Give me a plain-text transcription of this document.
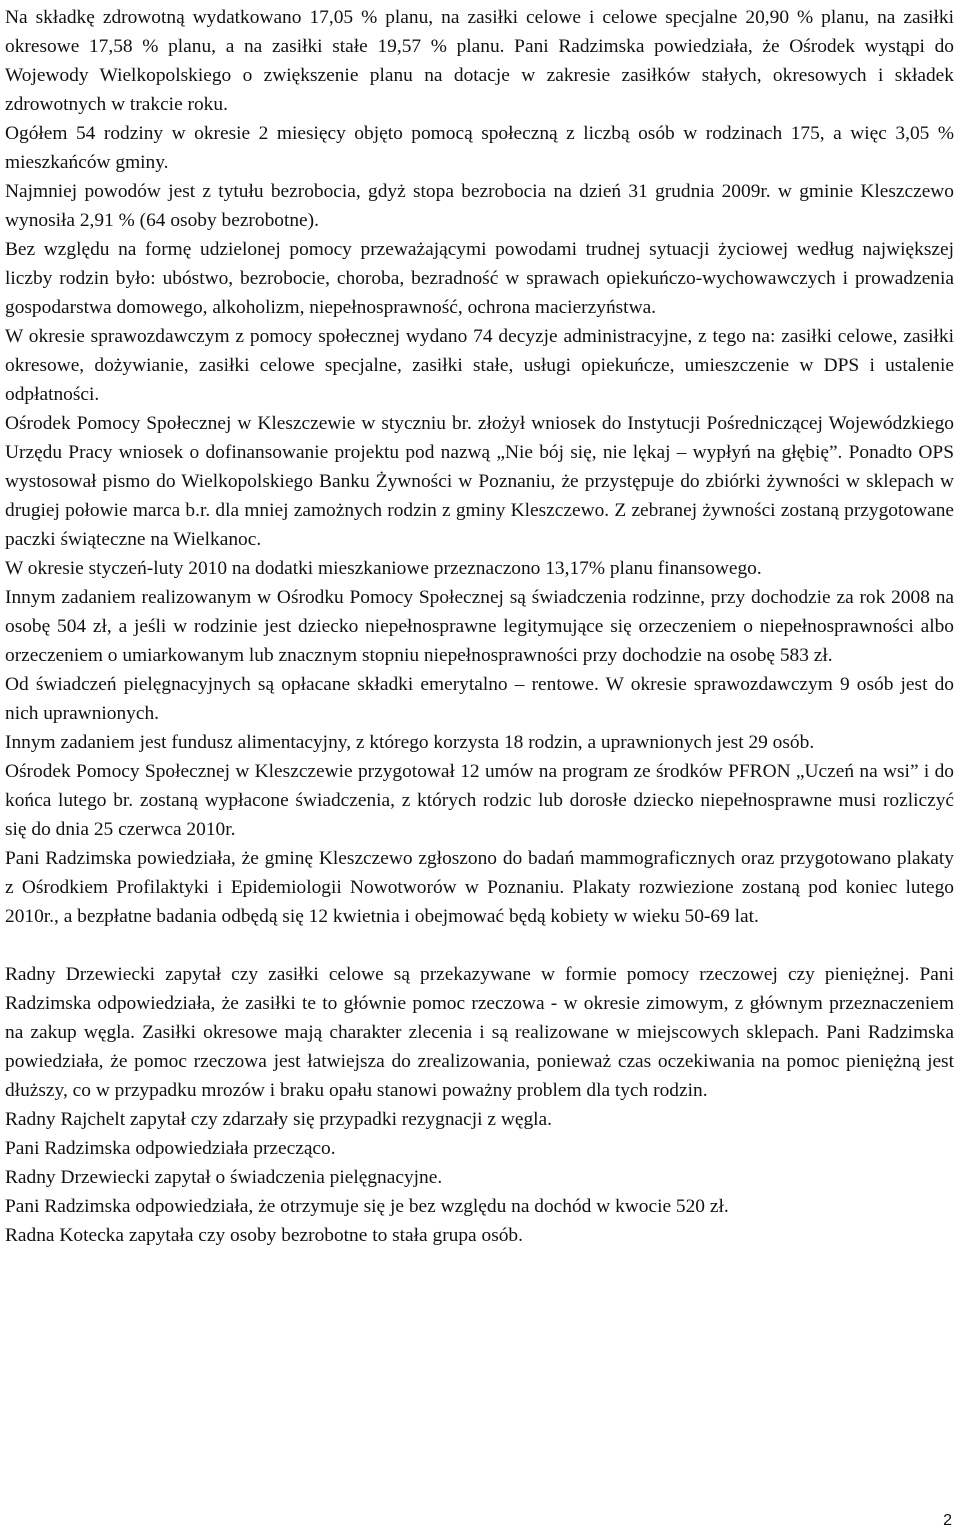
Na składkę zdrowotną wydatkowano 17,05 % planu, na zasiłki celowe i celowe specjalne 20,90 % planu, na zasiłki okresowe 17,58 % planu, a na zasiłki stałe 19,57 % planu. Pani Radzimska powiedziała, że Ośrodek wystąpi do Wojewody Wielkopolskiego o zwiększenie planu na dotacje w zakresie zasiłków stałych, okresowych i składek zdrowotnych w trakcie roku.

Ogółem 54 rodziny w okresie 2 miesięcy objęto pomocą społeczną z liczbą osób w rodzinach 175, a więc 3,05 % mieszkańców gminy.

Najmniej powodów jest z tytułu bezrobocia, gdyż stopa bezrobocia na dzień 31 grudnia 2009r. w gminie Kleszczewo wynosiła 2,91 % (64 osoby bezrobotne).

Bez względu na formę udzielonej pomocy przeważającymi powodami trudnej sytuacji życiowej według największej liczby rodzin było: ubóstwo, bezrobocie, choroba, bezradność w sprawach opiekuńczo-wychowawczych i prowadzenia gospodarstwa domowego, alkoholizm, niepełnosprawność, ochrona macierzyństwa.

W okresie sprawozdawczym z pomocy społecznej wydano 74 decyzje administracyjne, z tego na: zasiłki celowe, zasiłki okresowe, dożywianie, zasiłki celowe specjalne, zasiłki stałe, usługi opiekuńcze, umieszczenie w DPS i ustalenie odpłatności.

Ośrodek Pomocy Społecznej w Kleszczewie w styczniu br. złożył wniosek do Instytucji Pośredniczącej Wojewódzkiego Urzędu Pracy wniosek o dofinansowanie projektu pod nazwą „Nie bój się, nie lękaj – wypłyń na głębię”. Ponadto OPS wystosował pismo do Wielkopolskiego Banku Żywności w Poznaniu, że przystępuje do zbiórki żywności w sklepach w drugiej połowie marca b.r. dla mniej zamożnych rodzin z gminy Kleszczewo. Z zebranej żywności zostaną przygotowane paczki świąteczne na Wielkanoc.

W okresie styczeń-luty 2010 na dodatki mieszkaniowe przeznaczono 13,17% planu finansowego.

Innym zadaniem realizowanym w Ośrodku Pomocy Społecznej są świadczenia rodzinne, przy dochodzie za rok 2008 na osobę 504 zł, a jeśli w rodzinie jest dziecko niepełnosprawne legitymujące się orzeczeniem o niepełnosprawności albo orzeczeniem o umiarkowanym lub znacznym stopniu niepełnosprawności przy dochodzie na osobę 583 zł.

Od świadczeń pielęgnacyjnych są opłacane składki emerytalno – rentowe. W okresie sprawozdawczym 9 osób jest do nich uprawnionych.

Innym zadaniem jest fundusz alimentacyjny, z którego korzysta 18 rodzin, a uprawnionych jest 29 osób.

Ośrodek Pomocy Społecznej w Kleszczewie przygotował 12 umów na program ze środków PFRON „Uczeń na wsi” i do końca lutego br. zostaną wypłacone świadczenia, z których rodzic lub dorosłe dziecko niepełnosprawne musi rozliczyć się do dnia 25 czerwca 2010r.

Pani Radzimska powiedziała, że gminę Kleszczewo zgłoszono do badań mammograficznych oraz przygotowano plakaty z Ośrodkiem Profilaktyki i Epidemiologii Nowotworów w Poznaniu. Plakaty rozwiezione zostaną pod koniec lutego 2010r., a bezpłatne badania odbędą się 12 kwietnia i obejmować będą kobiety w wieku 50-69 lat.

Radny Drzewiecki zapytał czy zasiłki celowe są przekazywane w formie pomocy rzeczowej czy pieniężnej. Pani Radzimska odpowiedziała, że zasiłki te to głównie pomoc rzeczowa - w okresie zimowym, z głównym przeznaczeniem na zakup węgla. Zasiłki okresowe mają charakter zlecenia i są realizowane w miejscowych sklepach. Pani Radzimska powiedziała, że pomoc rzeczowa jest łatwiejsza do zrealizowania, ponieważ czas oczekiwania na pomoc pieniężną jest dłuższy, co w przypadku mrozów i braku opału stanowi poważny problem dla tych rodzin.

Radny Rajchelt zapytał czy zdarzały się przypadki rezygnacji z węgla.

Pani Radzimska odpowiedziała przecząco.

Radny Drzewiecki zapytał o świadczenia pielęgnacyjne.

Pani Radzimska odpowiedziała, że otrzymuje się je bez względu na dochód w kwocie 520 zł.

Radna Kotecka zapytała czy osoby bezrobotne to stała grupa osób.

2
